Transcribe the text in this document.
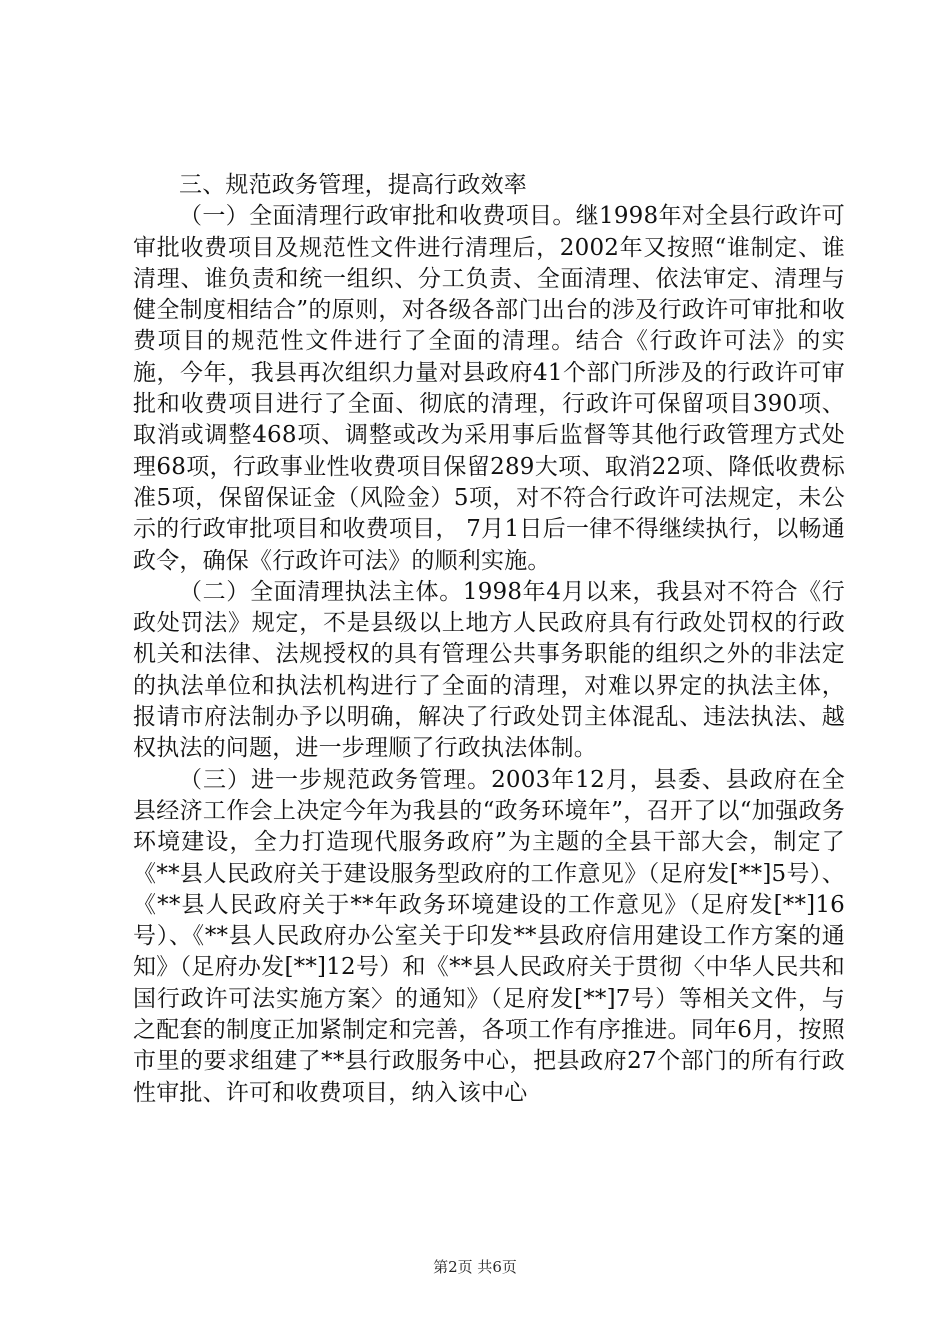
三、规范政务管理，提高行政效率

（一）全面清理行政审批和收费项目。继1998年对全县行政许可审批收费项目及规范性文件进行清理后，2002年又按照“谁制定、谁清理、谁负责和统一组织、分工负责、全面清理、依法审定、清理与健全制度相结合”的原则，对各级各部门出台的涉及行政许可审批和收费项目的规范性文件进行了全面的清理。结合《行政许可法》的实施，今年，我县再次组织力量对县政府41个部门所涉及的行政许可审批和收费项目进行了全面、彻底的清理，行政许可保留项目390项、取消或调整468项、调整或改为采用事后监督等其他行政管理方式处理68项，行政事业性收费项目保留289大项、取消22项、降低收费标准5项，保留保证金（风险金）5项，对不符合行政许可法规定，未公示的行政审批项目和收费项目， 7月1日后一律不得继续执行，以畅通政令，确保《行政许可法》的顺利实施。

（二）全面清理执法主体。1998年4月以来，我县对不符合《行政处罚法》规定，不是县级以上地方人民政府具有行政处罚权的行政机关和法律、法规授权的具有管理公共事务职能的组织之外的非法定的执法单位和执法机构进行了全面的清理，对难以界定的执法主体，报请市府法制办予以明确，解决了行政处罚主体混乱、违法执法、越权执法的问题，进一步理顺了行政执法体制。

（三）进一步规范政务管理。2003年12月，县委、县政府在全县经济工作会上决定今年为我县的“政务环境年”，召开了以“加强政务环境建设，全力打造现代服务政府”为主题的全县干部大会，制定了《**县人民政府关于建设服务型政府的工作意见》（足府发[**]5号）、《**县人民政府关于**年政务环境建设的工作意见》（足府发[**]16号）、《**县人民政府办公室关于印发**县政府信用建设工作方案的通知》（足府办发[**]12号）和《**县人民政府关于贯彻〈中华人民共和国行政许可法实施方案〉的通知》（足府发[**]7号）等相关文件，与之配套的制度正加紧制定和完善，各项工作有序推进。同年6月，按照市里的要求组建了**县行政服务中心，把县政府27个部门的所有行政性审批、许可和收费项目，纳入该中心

第2页 共6页
